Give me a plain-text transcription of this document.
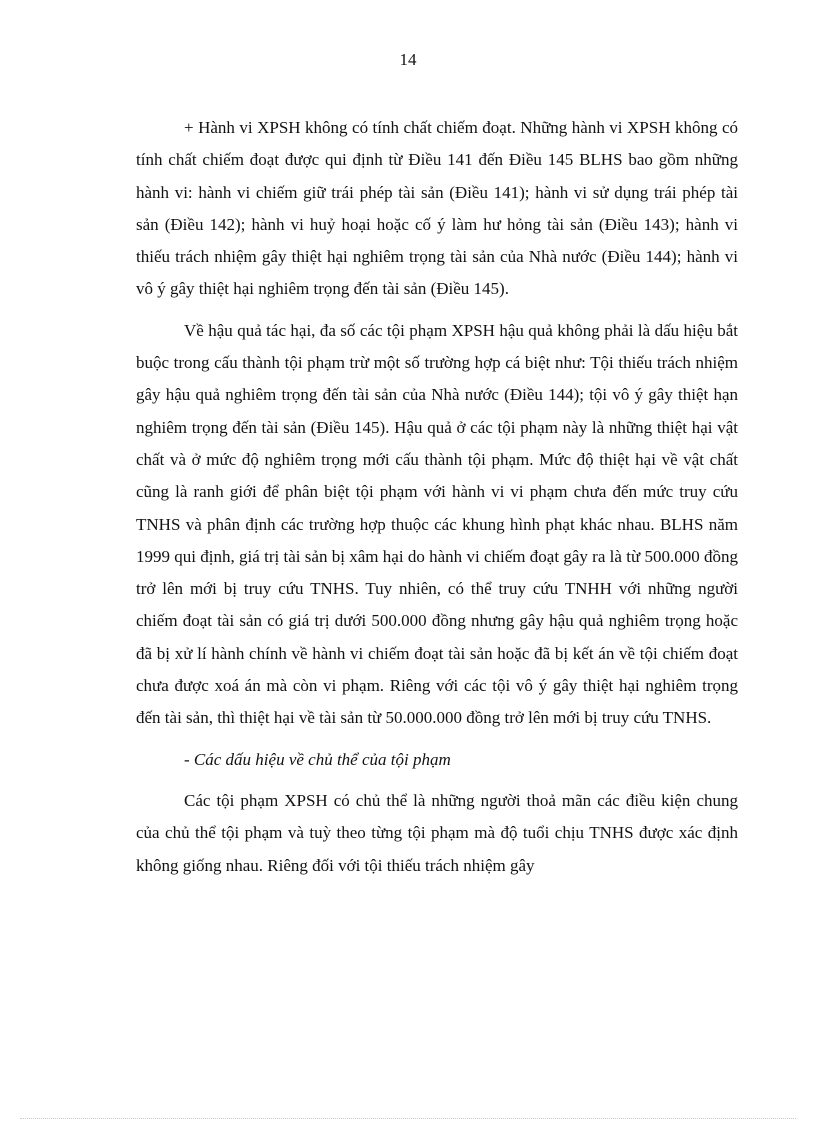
14

+ Hành vi XPSH không có tính chất chiếm đoạt. Những hành vi XPSH không có tính chất chiếm đoạt được qui định từ Điều 141 đến Điều 145 BLHS bao gồm những hành vi: hành vi chiếm giữ trái phép tài sản (Điều 141); hành vi sử dụng trái phép tài sản (Điều 142); hành vi huỷ hoại hoặc cố ý làm hư hỏng tài sản (Điều 143); hành vi thiếu trách nhiệm gây thiệt hại nghiêm trọng tài sản của Nhà nước (Điều 144); hành vi vô ý gây thiệt hại nghiêm trọng đến tài sản (Điều 145).

Về hậu quả tác hại, đa số các tội phạm XPSH hậu quả không phải là dấu hiệu bắt buộc trong cấu thành tội phạm trừ một số trường hợp cá biệt như: Tội thiếu trách nhiệm gây hậu quả nghiêm trọng đến tài sản của Nhà nước (Điều 144); tội vô ý gây thiệt hạn nghiêm trọng đến tài sản (Điều 145). Hậu quả ở các tội phạm này là những thiệt hại vật chất và ở mức độ nghiêm trọng mới cấu thành tội phạm. Mức độ thiệt hại về vật chất cũng là ranh giới để phân biệt tội phạm với hành vi vi phạm chưa đến mức truy cứu TNHS và phân định các trường hợp thuộc các khung hình phạt khác nhau. BLHS năm 1999 qui định, giá trị tài sản bị xâm hại do hành vi chiếm đoạt gây ra là từ 500.000 đồng trở lên mới bị truy cứu TNHS. Tuy nhiên, có thể truy cứu TNHH với những người chiếm đoạt tài sản có giá trị dưới 500.000 đồng nhưng gây hậu quả nghiêm trọng hoặc đã bị xử lí hành chính về hành vi chiếm đoạt tài sản hoặc đã bị kết án về tội chiếm đoạt chưa được xoá án mà còn vi phạm. Riêng với các tội vô ý gây thiệt hại nghiêm trọng đến tài sản, thì thiệt hại về tài sản từ 50.000.000 đồng trở lên mới bị truy cứu TNHS.

- Các dấu hiệu về chủ thể của tội phạm

Các tội phạm XPSH có chủ thể là những người thoả mãn các điều kiện chung của chủ thể tội phạm và tuỳ theo từng tội phạm mà độ tuổi chịu TNHS được xác định không giống nhau. Riêng đối với tội thiếu trách nhiệm gây
